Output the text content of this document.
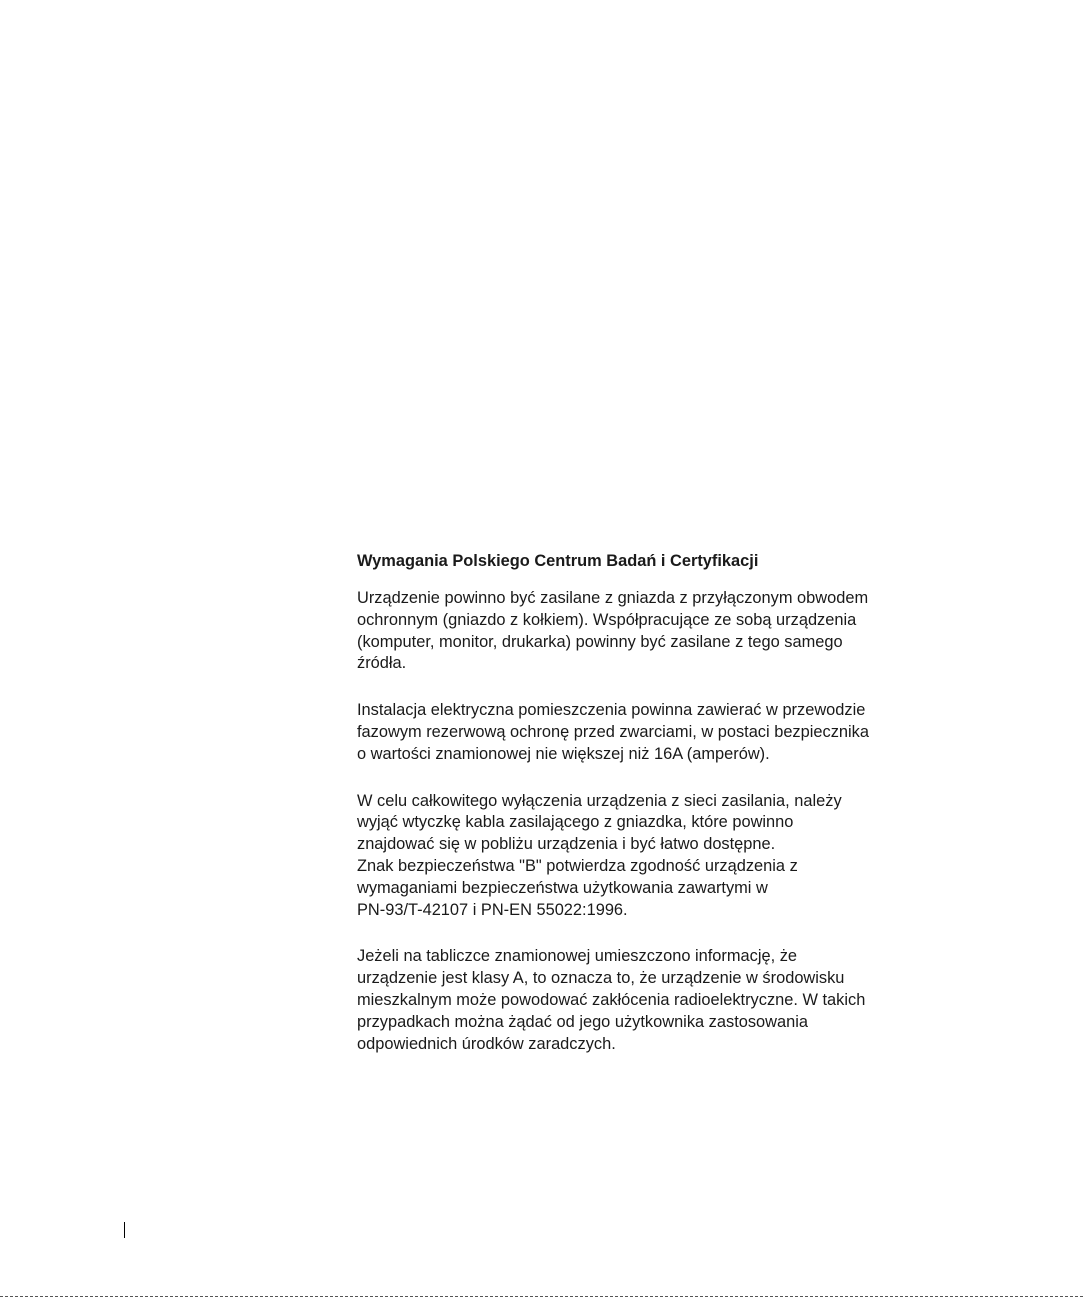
Wymagania Polskiego Centrum Badań i Certyfikacji
Urządzenie powinno być zasilane z gniazda z przyłączonym obwodem
ochronnym (gniazdo z kołkiem). Współpracujące ze sobą urządzenia
(komputer, monitor, drukarka) powinny być zasilane z tego samego
źródła.
Instalacja elektryczna pomieszczenia powinna zawierać w przewodzie
fazowym rezerwową ochronę przed zwarciami, w postaci bezpiecznika
o wartości znamionowej nie większej niż 16A (amperów).
W celu całkowitego wyłączenia urządzenia z sieci zasilania, należy
wyjąć wtyczkę kabla zasilającego z gniazdka, które powinno
znajdować się w pobliżu urządzenia i być łatwo dostępne.
Znak bezpieczeństwa "B" potwierdza zgodność urządzenia z
wymaganiami bezpieczeństwa użytkowania zawartymi w
PN-93/T-42107 i PN-EN 55022:1996.
Jeżeli na tabliczce znamionowej umieszczono informację, że
urządzenie jest klasy A, to oznacza to, że urządzenie w środowisku
mieszkalnym może powodować zakłócenia radioelektryczne. W takich
przypadkach można żądać od jego użytkownika zastosowania
odpowiednich úrodków zaradczych.
